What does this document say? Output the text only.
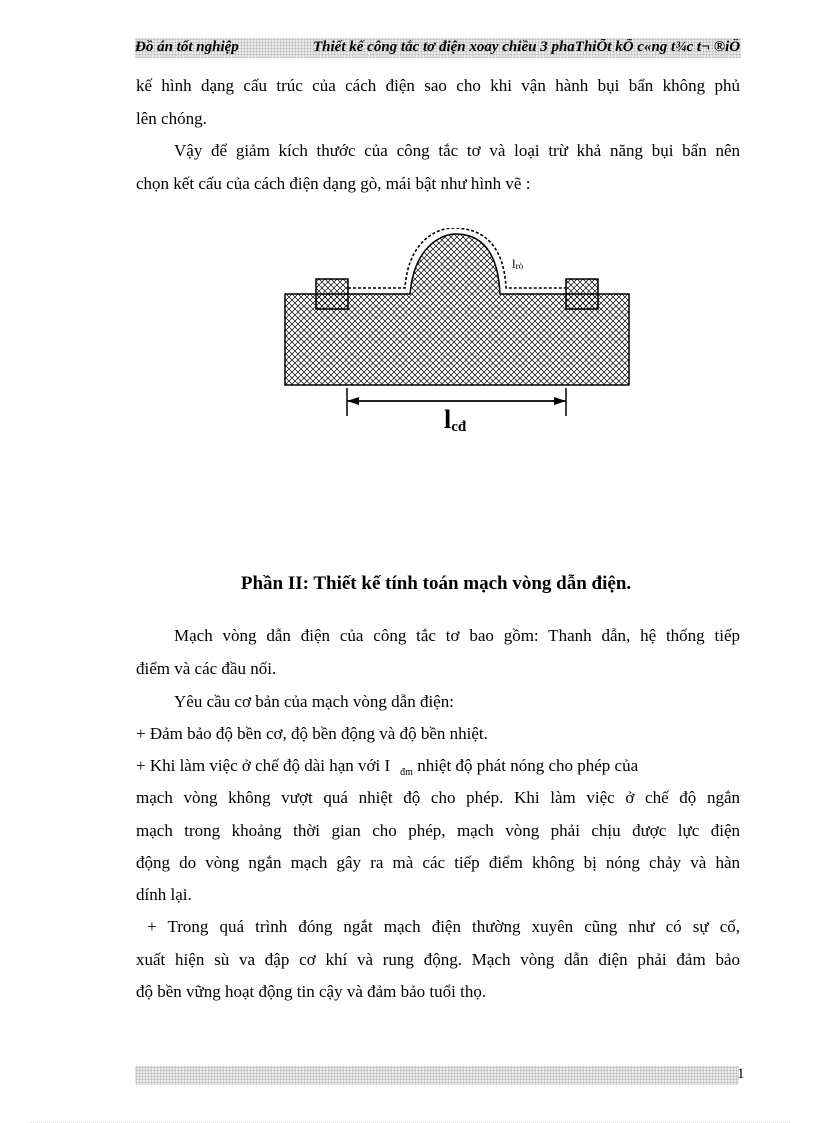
Đồ án tốt nghiệp	Thiết kế công tắc tơ điện xoay chiều 3 phaThiÕt kÕ c«ng t¾c t¬ ®iÖ
kế hình dạng cấu trúc của cách điện sao cho khi vận hành bụi bẩn không phủ
lên chóng.
Vậy để giảm kích thước của công tắc tơ và loại trừ khả năng bụi bẩn nên
chọn kết cấu của cách điện dạng gò, mái bật như hình vẽ :
lrò
lcđ
Phần II: Thiết kế tính toán mạch vòng dẫn điện.
Mạch vòng dẫn điện của công tắc tơ bao gồm: Thanh dẫn, hệ thống tiếp
điểm và các đầu nối.
Yêu cầu cơ bản của mạch vòng dẫn điện:
+ Đảm bảo độ bền cơ, độ bền động và độ bền nhiệt.
+ Khi làm việc ở chế độ dài hạn với I $_{đm}$ nhiệt độ phát nóng cho phép của
mạch vòng không vượt quá nhiệt độ cho phép. Khi làm việc ở chế độ ngắn
mạch trong khoảng thời gian cho phép, mạch vòng phải chịu được lực điện
động do vòng ngắn mạch gây ra mà các tiếp điểm không bị nóng chảy và hàn
dính lại.
+ Trong quá trình đóng ngắt mạch điện thường xuyên cũng như có sự cố,
xuất hiện sù va đập cơ khí và rung động. Mạch vòng dẫn điện phải đảm bảo
độ bền vững hoạt động tin cậy và đảm bảo tuổi thọ.
1
